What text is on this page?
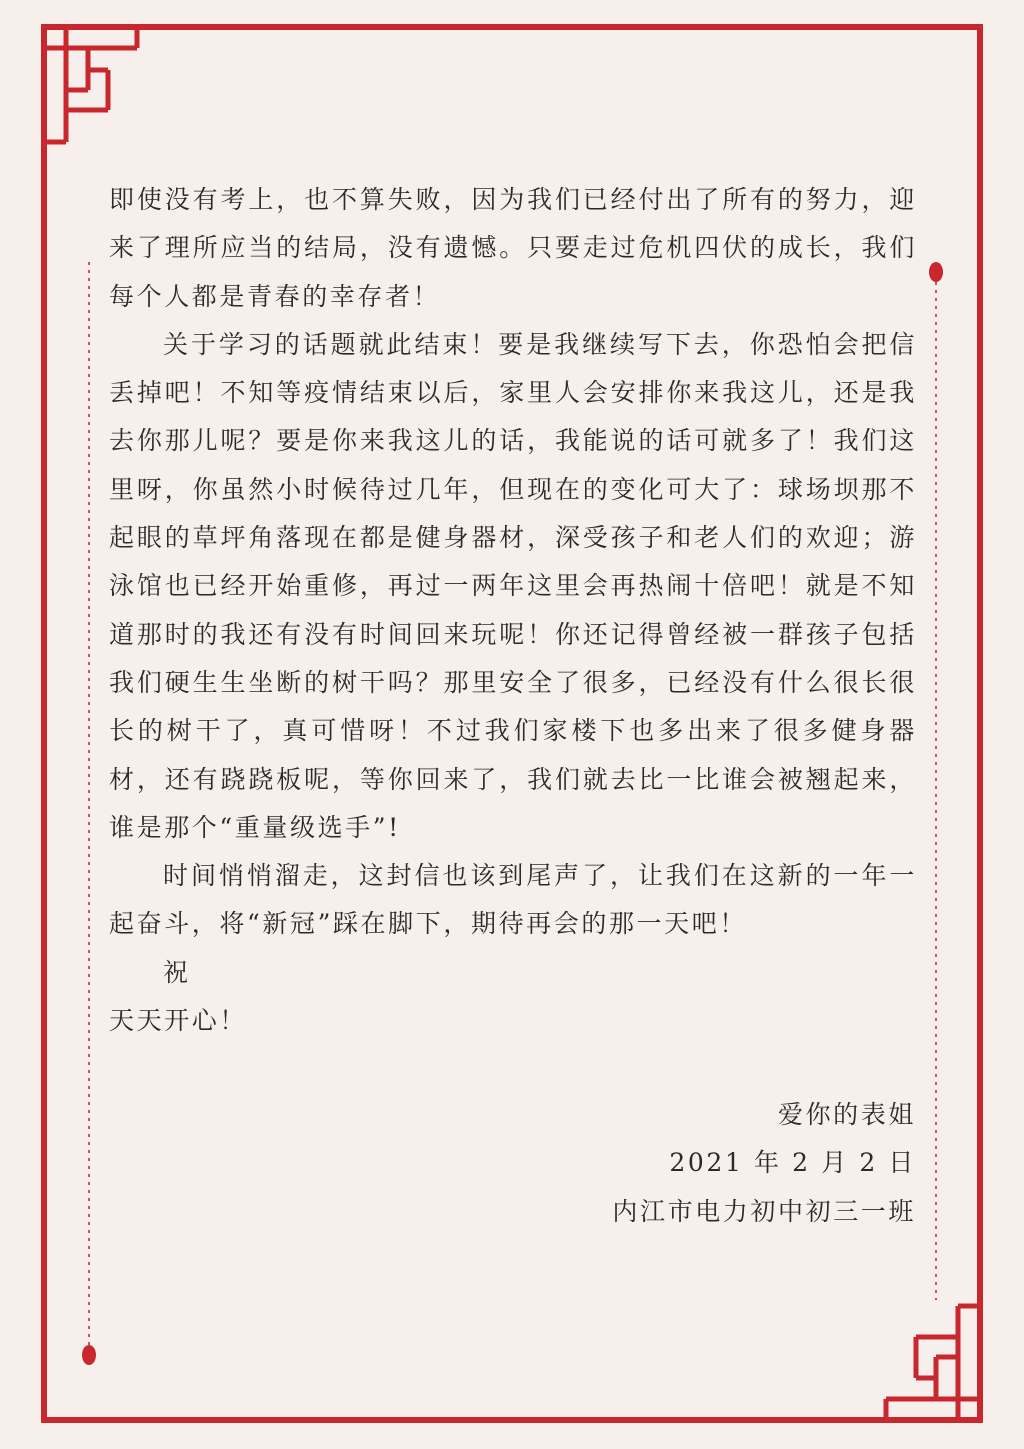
即使没有考上，也不算失败，因为我们已经付出了所有的努力，迎来了理所应当的结局，没有遗憾。只要走过危机四伏的成长，我们每个人都是青春的幸存者！

关于学习的话题就此结束！要是我继续写下去，你恐怕会把信丢掉吧！不知等疫情结束以后，家里人会安排你来我这儿，还是我去你那儿呢？要是你来我这儿的话，我能说的话可就多了！我们这里呀，你虽然小时候待过几年，但现在的变化可大了：球场坝那不起眼的草坪角落现在都是健身器材，深受孩子和老人们的欢迎；游泳馆也已经开始重修，再过一两年这里会再热闹十倍吧！就是不知道那时的我还有没有时间回来玩呢！你还记得曾经被一群孩子包括我们硬生生坐断的树干吗？那里安全了很多，已经没有什么很长很长的树干了，真可惜呀！不过我们家楼下也多出来了很多健身器材，还有跷跷板呢，等你回来了，我们就去比一比谁会被翘起来，谁是那个“重量级选手”!

时间悄悄溜走，这封信也该到尾声了，让我们在这新的一年一起奋斗，将“新冠”踩在脚下，期待再会的那一天吧！

祝

天天开心！

爱你的表姐
2021 年 2 月 2 日
内江市电力初中初三一班
